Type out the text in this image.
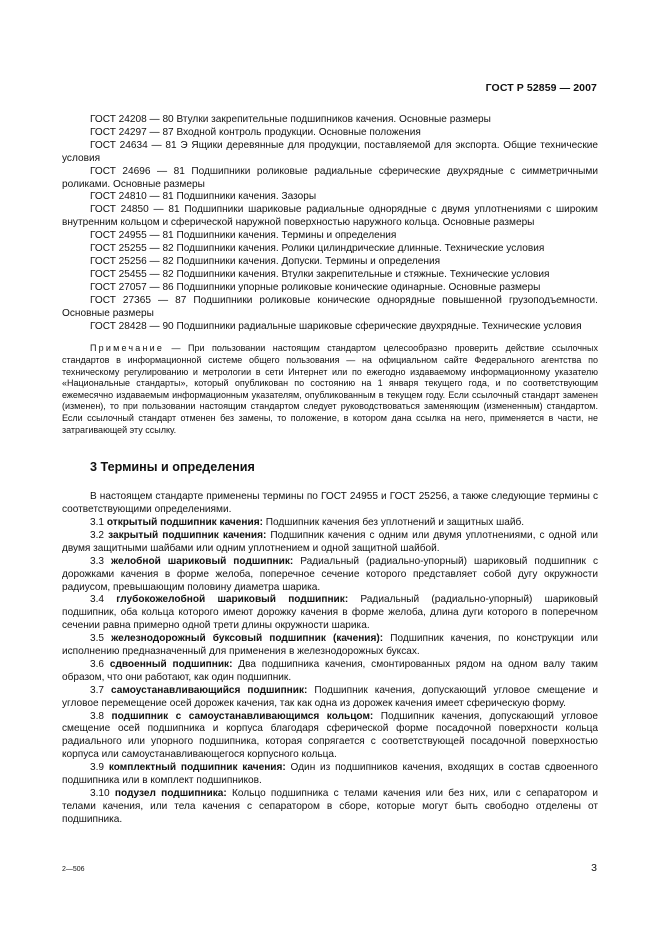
ГОСТ Р 52859 — 2007

ГОСТ 24208 — 80 Втулки закрепительные подшипников качения. Основные размеры

ГОСТ 24297 — 87 Входной контроль продукции. Основные положения

ГОСТ 24634 — 81 Э Ящики деревянные для продукции, поставляемой для экспорта. Общие технические условия

ГОСТ 24696 — 81 Подшипники роликовые радиальные сферические двухрядные с симметричными роликами. Основные размеры

ГОСТ 24810 — 81 Подшипники качения. Зазоры

ГОСТ 24850 — 81 Подшипники шариковые радиальные однорядные с двумя уплотнениями с широким внутренним кольцом и сферической наружной поверхностью наружного кольца. Основные размеры

ГОСТ 24955 — 81 Подшипники качения. Термины и определения

ГОСТ 25255 — 82 Подшипники качения. Ролики цилиндрические длинные. Технические условия

ГОСТ 25256 — 82 Подшипники качения. Допуски. Термины и определения

ГОСТ 25455 — 82 Подшипники качения. Втулки закрепительные и стяжные. Технические условия

ГОСТ 27057 — 86 Подшипники упорные роликовые конические одинарные. Основные размеры

ГОСТ 27365 — 87 Подшипники роликовые конические однорядные повышенной грузоподъемности. Основные размеры

ГОСТ 28428 — 90 Подшипники радиальные шариковые сферические двухрядные. Технические условия

Примечание — При пользовании настоящим стандартом целесообразно проверить действие ссылочных стандартов в информационной системе общего пользования — на официальном сайте Федерального агентства по техническому регулированию и метрологии в сети Интернет или по ежегодно издаваемому информационному указателю «Национальные стандарты», который опубликован по состоянию на 1 января текущего года, и по соответствующим ежемесячно издаваемым информационным указателям, опубликованным в текущем году. Если ссылочный стандарт заменен (изменен), то при пользовании настоящим стандартом следует руководствоваться заменяющим (измененным) стандартом. Если ссылочный стандарт отменен без замены, то положение, в котором дана ссылка на него, применяется в части, не затрагивающей эту ссылку.

3 Термины и определения

В настоящем стандарте применены термины по ГОСТ 24955 и ГОСТ 25256, а также следующие термины с соответствующими определениями.

3.1 открытый подшипник качения: Подшипник качения без уплотнений и защитных шайб.

3.2 закрытый подшипник качения: Подшипник качения с одним или двумя уплотнениями, с одной или двумя защитными шайбами или одним уплотнением и одной защитной шайбой.

3.3 желобной шариковый подшипник: Радиальный (радиально-упорный) шариковый подшипник с дорожками качения в форме желоба, поперечное сечение которого представляет собой дугу окружности радиусом, превышающим половину диаметра шарика.

3.4 глубокожелобной шариковый подшипник: Радиальный (радиально-упорный) шариковый подшипник, оба кольца которого имеют дорожку качения в форме желоба, длина дуги которого в поперечном сечении равна примерно одной трети длины окружности шарика.

3.5 железнодорожный буксовый подшипник (качения): Подшипник качения, по конструкции или исполнению предназначенный для применения в железнодорожных буксах.

3.6 сдвоенный подшипник: Два подшипника качения, смонтированных рядом на одном валу таким образом, что они работают, как один подшипник.

3.7 самоустанавливающийся подшипник: Подшипник качения, допускающий угловое смещение и угловое перемещение осей дорожек качения, так как одна из дорожек качения имеет сферическую форму.

3.8 подшипник с самоустанавливающимся кольцом: Подшипник качения, допускающий угловое смещение осей подшипника и корпуса благодаря сферической форме посадочной поверхности кольца радиального или упорного подшипника, которая сопрягается с соответствующей посадочной поверхностью корпуса или самоустанавливающегося корпусного кольца.

3.9 комплектный подшипник качения: Один из подшипников качения, входящих в состав сдвоенного подшипника или в комплект подшипников.

3.10 подузел подшипника: Кольцо подшипника с телами качения или без них, или с сепаратором и телами качения, или тела качения с сепаратором в сборе, которые могут быть свободно отделены от подшипника.

2—506	3
